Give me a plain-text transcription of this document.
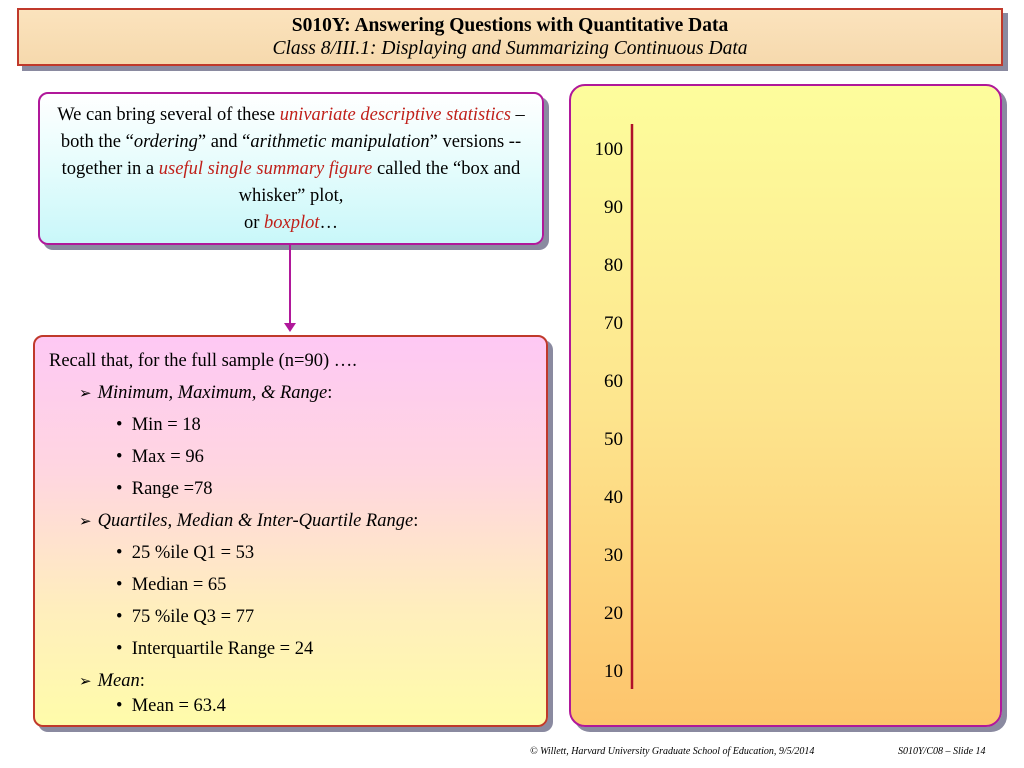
S010Y: Answering Questions with Quantitative Data
Class 8/III.1: Displaying and Summarizing Continuous Data
We can bring several of these univariate descriptive statistics – both the “ordering” and “arithmetic manipulation” versions -- together in a useful single summary figure called the “box and whisker” plot,
or boxplot…
Recall that, for the full sample (n=90) ….
➢ Minimum, Maximum, & Range:
• Min = 18
• Max = 96
• Range =78
➢ Quartiles, Median & Inter-Quartile Range:
• 25 %ile Q1 = 53
• Median = 65
• 75 %ile Q3 = 77
• Interquartile Range = 24
➢ Mean:
• Mean = 63.4
100
90
80
70
60
50
40
30
20
10
© Willett, Harvard University Graduate School of Education, 9/5/2014	S010Y/C08 – Slide 14
